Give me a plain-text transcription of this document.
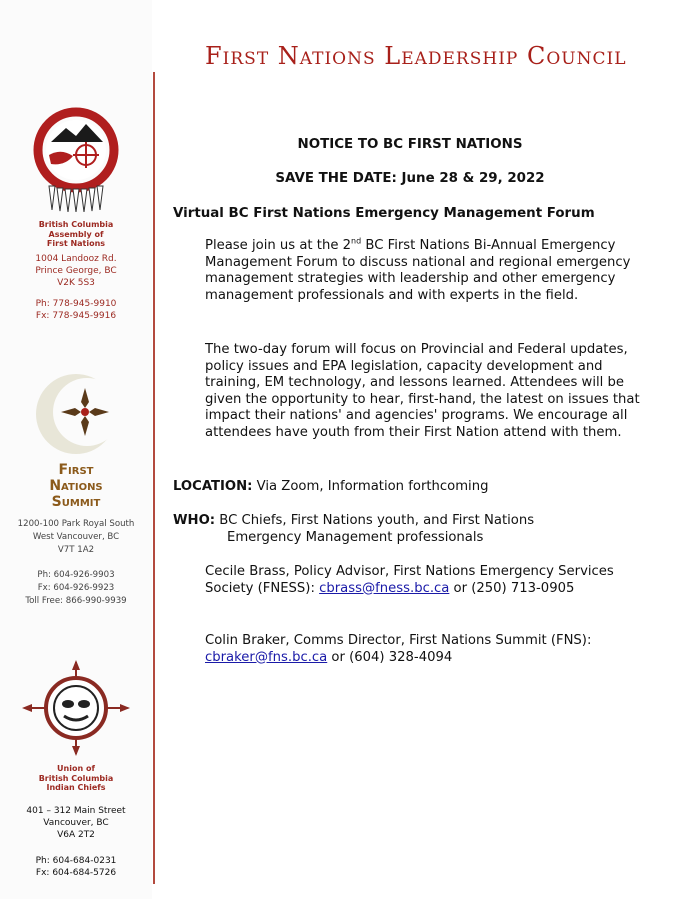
First Nations Leadership Council
British Columbia
Assembly of
First Nations
1004 Landooz Rd.
Prince George, BC
V2K 5S3
Ph: 778-945-9910
Fx: 778-945-9916
First
Nations
Summit
1200-100 Park Royal South
West Vancouver, BC
V7T 1A2
Ph: 604-926-9903
Fx: 604-926-9923
Toll Free: 866-990-9939
Union of
British Columbia
Indian Chiefs
401 – 312 Main Street
Vancouver, BC
V6A 2T2
Ph: 604-684-0231
Fx: 604-684-5726
NOTICE TO BC FIRST NATIONS
SAVE THE DATE: June 28 & 29, 2022
Virtual BC First Nations Emergency Management Forum
Please join us at the 2nd BC First Nations Bi-Annual Emergency Management Forum to discuss national and regional emergency management strategies with leadership and other emergency management professionals and with experts in the field.
The two-day forum will focus on Provincial and Federal updates, policy issues and EPA legislation, capacity development and training, EM technology, and lessons learned. Attendees will be given the opportunity to hear, first-hand, the latest on issues that impact their nations' and agencies' programs. We encourage all attendees have youth from their First Nation attend with them.
LOCATION: Via Zoom, Information forthcoming
WHO: BC Chiefs, First Nations youth, and First Nations
Emergency Management professionals
Cecile Brass, Policy Advisor, First Nations Emergency Services Society (FNESS): cbrass@fness.bc.ca or (250) 713-0905
Colin Braker, Comms Director, First Nations Summit (FNS): cbraker@fns.bc.ca or (604) 328-4094
